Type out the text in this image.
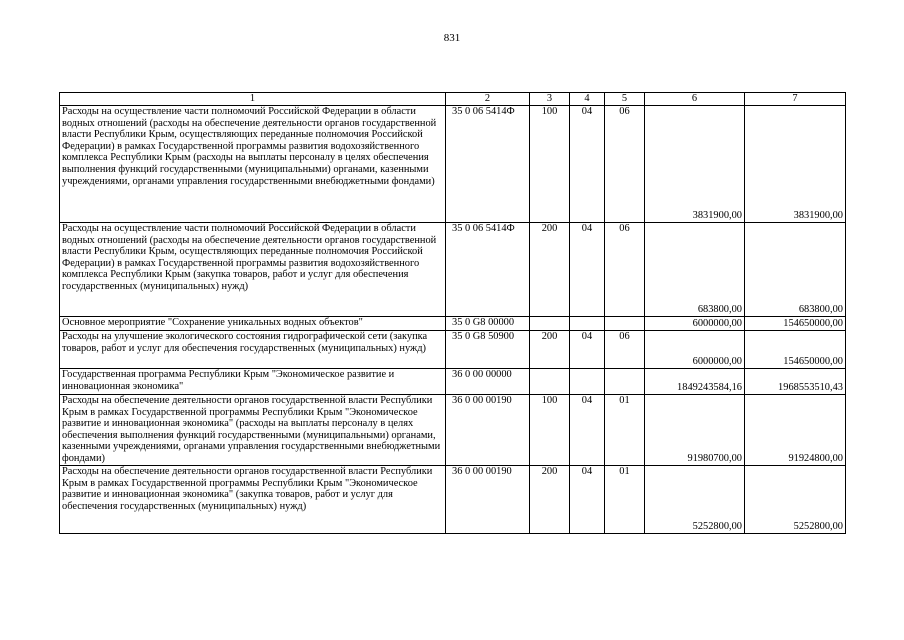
831
1	2	3	4	5	6	7
Расходы на осуществление части полномочий Российской Федерации в области водных отношений (расходы на обеспечение деятельности органов государственной власти Республики Крым, осуществляющих переданные полномочия Российской Федерации) в рамках Государственной программы развития водохозяйственного комплекса Республики Крым (расходы на выплаты персоналу в целях обеспечения выполнения функций государственными (муниципальными) органами, казенными учреждениями, органами управления государственными внебюджетными фондами)	35 0 06 5414Ф	100	04	06	3831900,00	3831900,00
Расходы на осуществление части полномочий Российской Федерации в области водных отношений (расходы на обеспечение деятельности органов государственной власти Республики Крым, осуществляющих переданные полномочия Российской Федерации) в рамках Государственной программы развития водохозяйственного комплекса Республики Крым (закупка товаров, работ и услуг для обеспечения государственных (муниципальных) нужд)	35 0 06 5414Ф	200	04	06	683800,00	683800,00
Основное мероприятие "Сохранение уникальных водных объектов"	35 0 G8 00000				6000000,00	154650000,00
Расходы на улучшение экологического состояния гидрографической сети (закупка товаров, работ и услуг для обеспечения государственных (муниципальных) нужд)	35 0 G8 50900	200	04	06	6000000,00	154650000,00
Государственная программа Республики Крым "Экономическое развитие и инновационная экономика"	36 0 00 00000				1849243584,16	1968553510,43
Расходы на обеспечение деятельности органов государственной власти Республики Крым в рамках Государственной программы Республики Крым "Экономическое развитие и инновационная экономика" (расходы на выплаты персоналу в целях обеспечения выполнения функций государственными (муниципальными) органами, казенными учреждениями, органами управления государственными внебюджетными фондами)	36 0 00 00190	100	04	01	91980700,00	91924800,00
Расходы на обеспечение деятельности органов государственной власти Республики Крым в рамках Государственной программы Республики Крым "Экономическое развитие и инновационная экономика" (закупка товаров, работ и услуг для обеспечения государственных (муниципальных) нужд)	36 0 00 00190	200	04	01	5252800,00	5252800,00
